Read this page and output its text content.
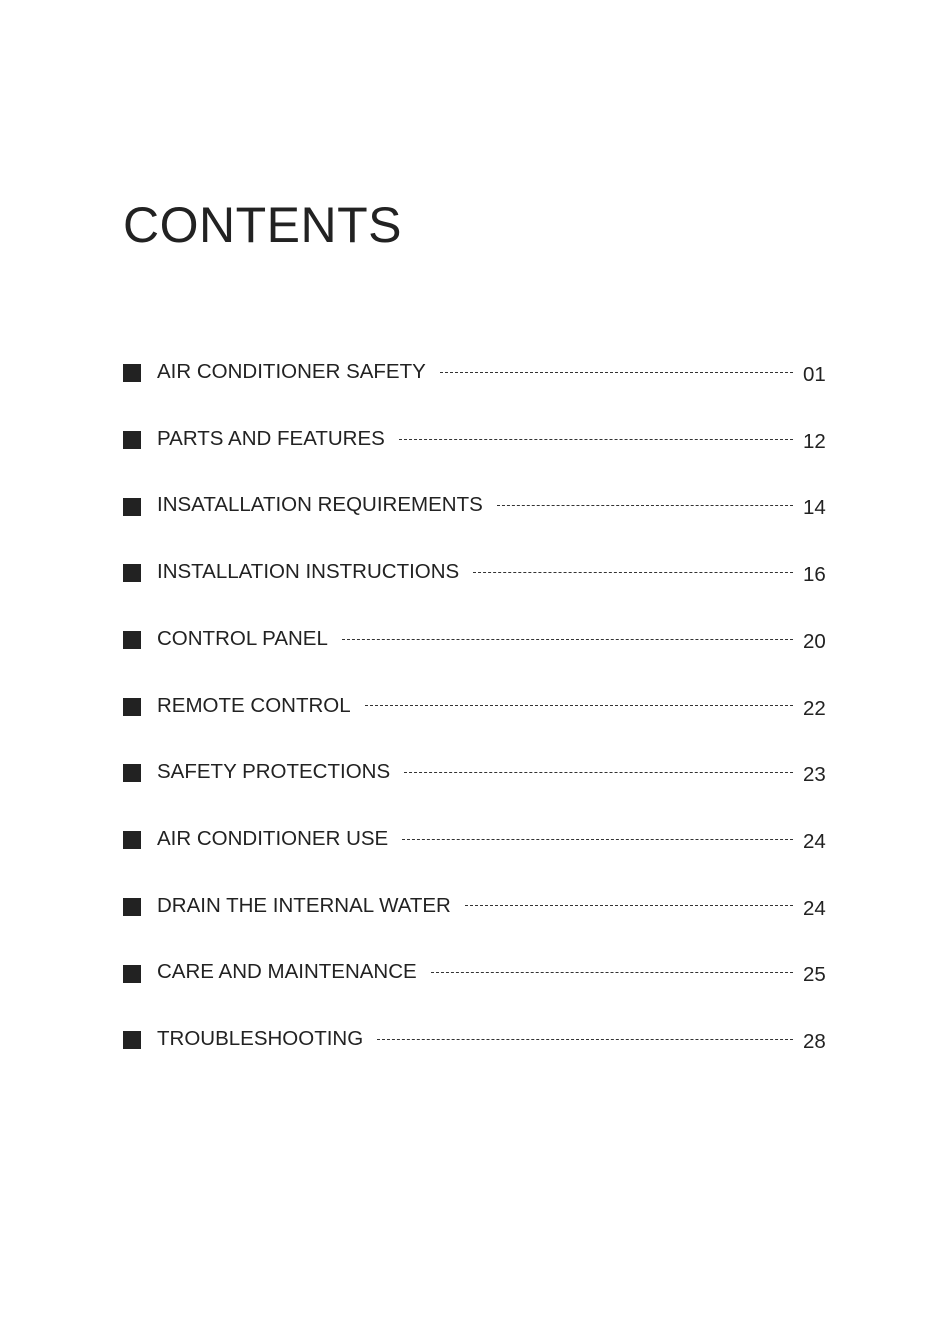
CONTENTS
AIR CONDITIONER SAFETY	01
PARTS AND FEATURES	12
INSATALLATION REQUIREMENTS	14
INSTALLATION INSTRUCTIONS	16
CONTROL PANEL	20
REMOTE CONTROL	22
SAFETY PROTECTIONS	23
AIR CONDITIONER USE	24
DRAIN THE INTERNAL WATER	24
CARE AND MAINTENANCE	25
TROUBLESHOOTING	28
